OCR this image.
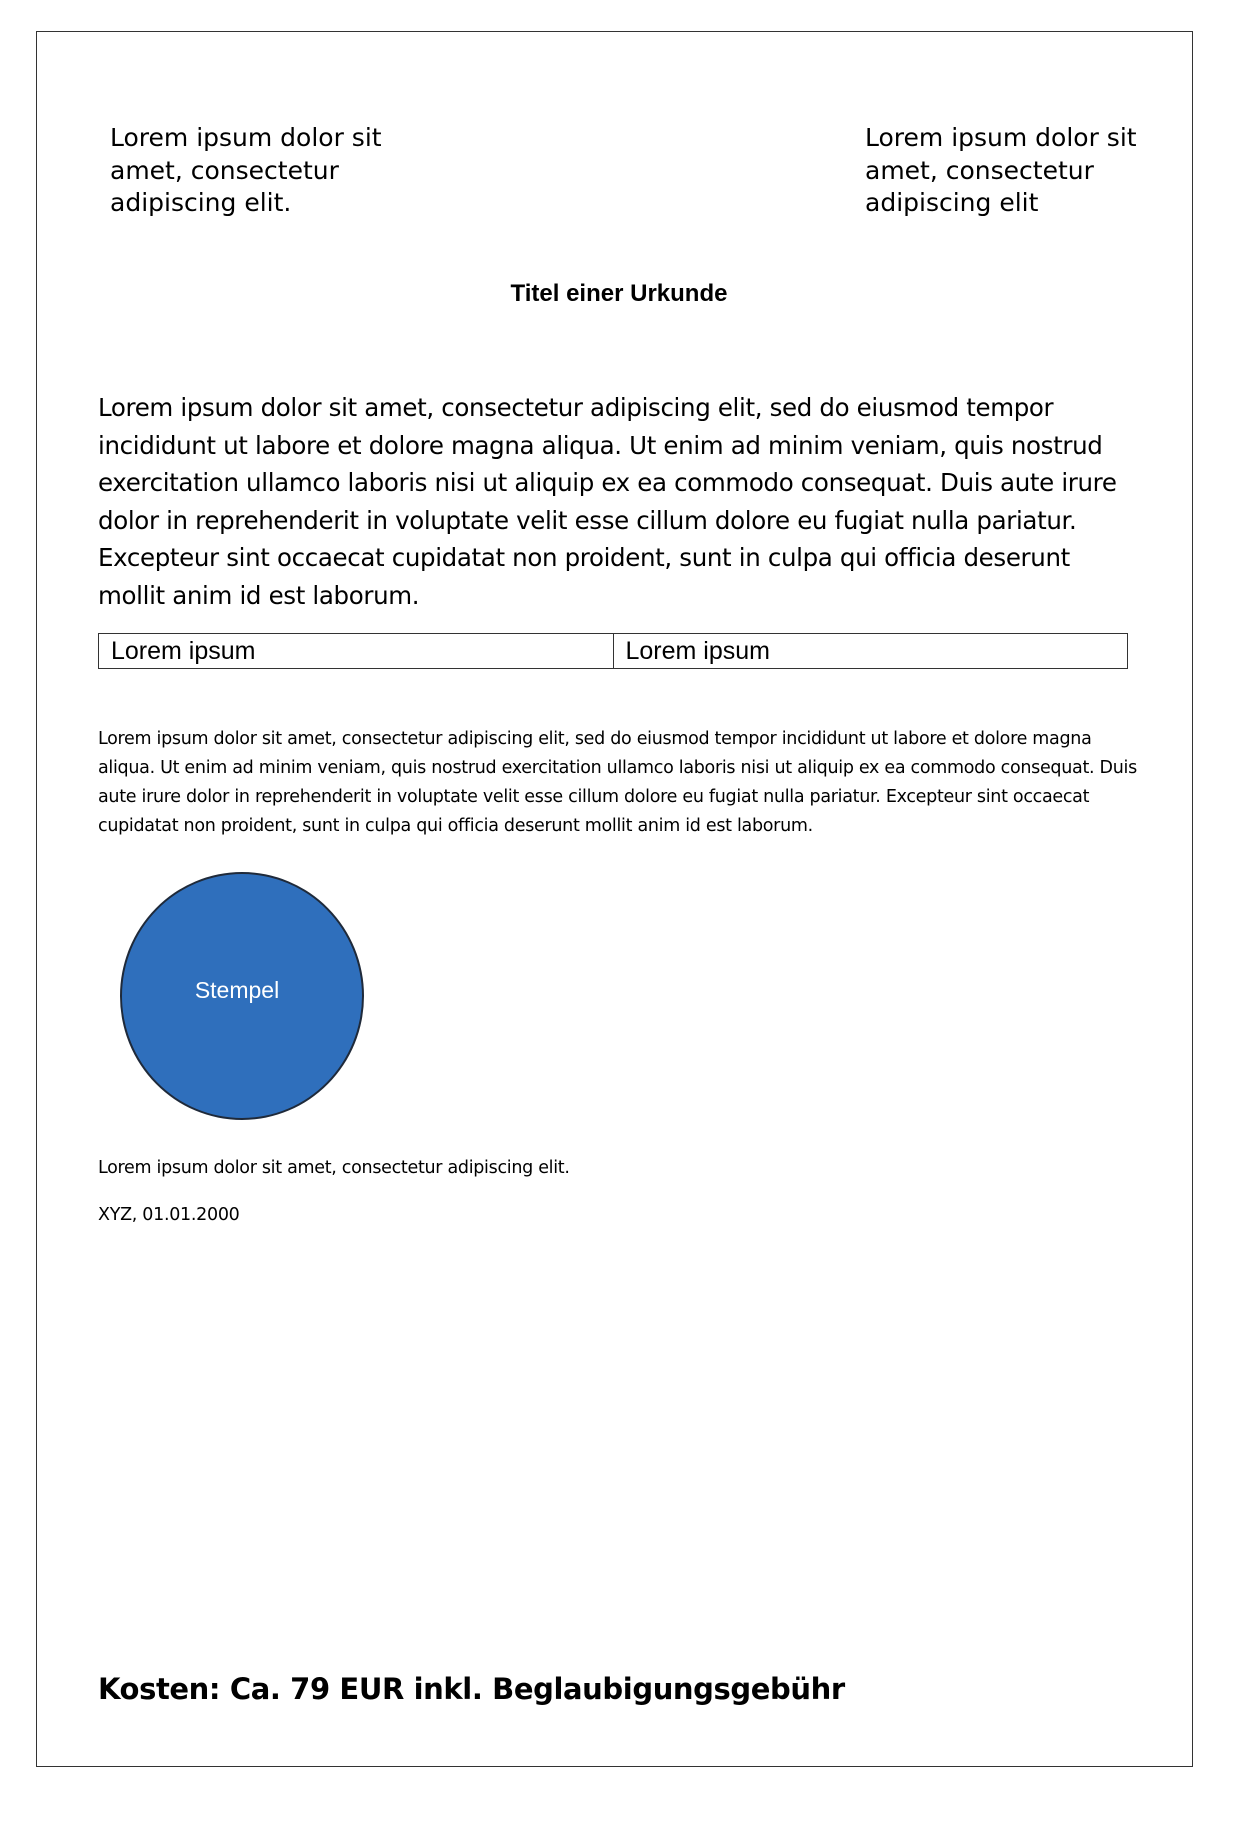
Lorem ipsum dolor sit
amet, consectetur
adipiscing elit.
Lorem ipsum dolor sit
amet, consectetur
adipiscing elit
Titel einer Urkunde
Lorem ipsum dolor sit amet, consectetur adipiscing elit, sed do eiusmod tempor incididunt ut labore et dolore magna aliqua. Ut enim ad minim veniam, quis nostrud exercitation ullamco laboris nisi ut aliquip ex ea commodo consequat. Duis aute irure dolor in reprehenderit in voluptate velit esse cillum dolore eu fugiat nulla pariatur. Excepteur sint occaecat cupidatat non proident, sunt in culpa qui officia deserunt mollit anim id est laborum.
Lorem ipsum	Lorem ipsum
Lorem ipsum dolor sit amet, consectetur adipiscing elit, sed do eiusmod tempor incididunt ut labore et dolore magna aliqua. Ut enim ad minim veniam, quis nostrud exercitation ullamco laboris nisi ut aliquip ex ea commodo consequat. Duis aute irure dolor in reprehenderit in voluptate velit esse cillum dolore eu fugiat nulla pariatur. Excepteur sint occaecat cupidatat non proident, sunt in culpa qui officia deserunt mollit anim id est laborum.
Stempel
Lorem ipsum dolor sit amet, consectetur adipiscing elit.
XYZ, 01.01.2000
Kosten: Ca. 79 EUR inkl. Beglaubigungsgebühr
